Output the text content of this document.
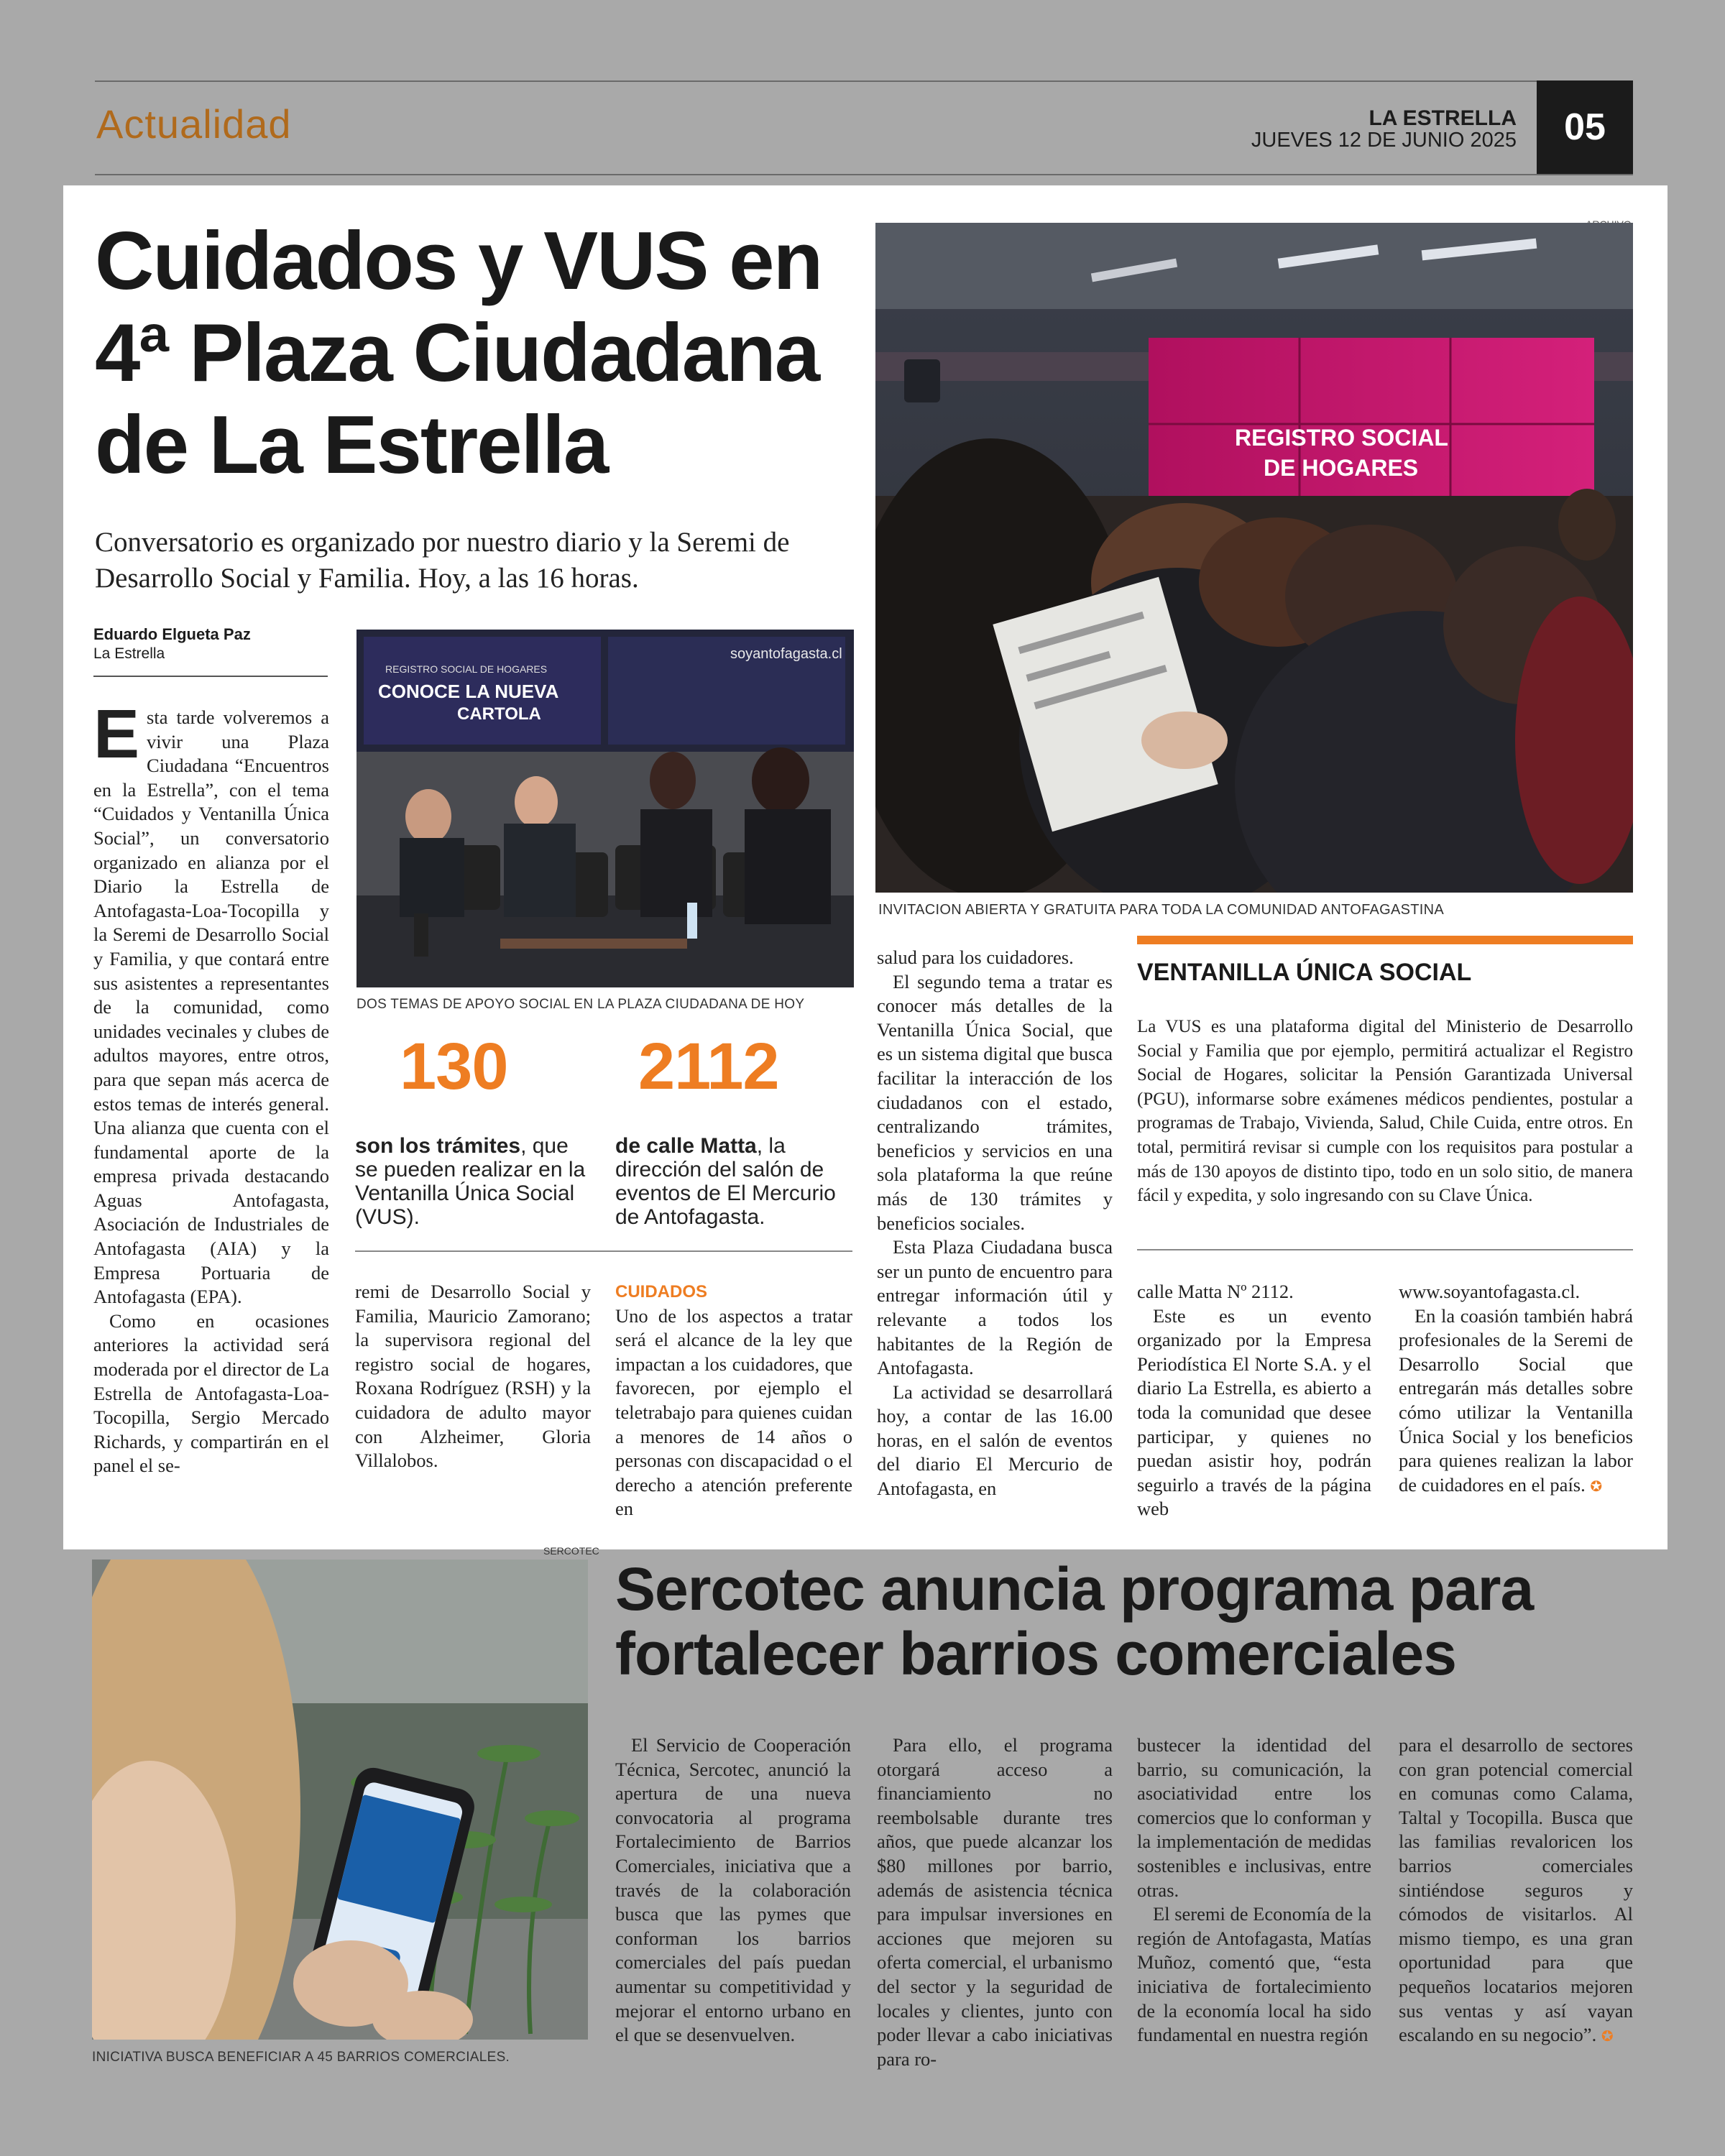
Actualidad	LA ESTRELLA
JUEVES 12 DE JUNIO 2025	05
Cuidados y VUS en
4ª Plaza Ciudadana
de La Estrella

Conversatorio es organizado por nuestro diario y la Seremi de Desarrollo Social y Familia. Hoy, a las 16 horas.

Eduardo Elgueta Paz
La Estrella
REGISTRO SOCIAL
DE HOGARES
INVITACION ABIERTA Y GRATUITA PARA TODA LA COMUNIDAD ANTOFAGASTINA
REGISTRO SOCIAL DE HOGARES
CONOCE LA NUEVA
CARTOLA
soyantofagasta.cl
DOS TEMAS DE APOYO SOCIAL EN LA PLAZA CIUDADANA DE HOY
130 2112
son los trámites, que se pueden realizar en la Ventanilla Única Social (VUS).
de calle Matta, la dirección del salón de eventos de El Mercurio de Antofagasta.

Esta tarde volveremos a vivir una Plaza Ciudadana “Encuentros en la Estrella”, con el tema “Cuidados y Ventanilla Única Social”, un conversatorio organizado en alianza por el Diario la Estrella de Antofagasta-Loa-Tocopilla y la Seremi de Desarrollo Social y Familia, y que contará entre sus asistentes a representantes de la comunidad, como unidades vecinales y clubes de adultos mayores, entre otros, para que sepan más acerca de estos temas de interés general. Una alianza que cuenta con el fundamental aporte de la empresa privada destacando Aguas Antofagasta, Asociación de Industriales de Antofagasta (AIA) y la Empresa Portuaria de Antofagasta (EPA).

Como en ocasiones anteriores la actividad será moderada por el director de La Estrella de Antofagasta-Loa-Tocopilla, Sergio Mercado Richards, y compartirán en el panel el se-

remi de Desarrollo Social y Familia, Mauricio Zamorano; la supervisora regional del registro social de hogares, Roxana Rodríguez (RSH) y la cuidadora de adulto mayor con Alzheimer, Gloria Villalobos.

CUIDADOS

Uno de los aspectos a tratar será el alcance de la ley que impactan a los cuidadores, que favorecen, por ejemplo el teletrabajo para quienes cuidan a menores de 14 años o personas con discapacidad o el derecho a atención preferente en

salud para los cuidadores.

El segundo tema a tratar es conocer más detalles de la Ventanilla Única Social, que es un sistema digital que busca facilitar la interacción de los ciudadanos con el estado, centralizando trámites, beneficios y servicios en una sola plataforma la que reúne más de 130 trámites y beneficios sociales.

Esta Plaza Ciudadana busca ser un punto de encuentro para entregar información útil y relevante a todos los habitantes de la Región de Antofagasta.

La actividad se desarrollará hoy, a contar de las 16.00 horas, en el salón de eventos del diario El Mercurio de Antofagasta, en

VENTANILLA ÚNICA SOCIAL
La VUS es una plataforma digital del Ministerio de Desarrollo Social y Familia que por ejemplo, permitirá actualizar el Registro Social de Hogares, solicitar la Pensión Garantizada Universal (PGU), informarse sobre exámenes médicos pendientes, postular a programas de Trabajo, Vivienda, Salud, Chile Cuida, entre otros. En total, permitirá revisar si cumple con los requisitos para postular a más de 130 apoyos de distinto tipo, todo en un solo sitio, de manera fácil y expedita, y solo ingresando con su Clave Única.

calle Matta Nº 2112.

Este es un evento organizado por la Empresa Periodística El Norte S.A. y el diario La Estrella, es abierto a toda la comunidad que desee participar, y quienes no puedan asistir hoy, podrán seguirlo a través de la página web

www.soyantofagasta.cl.

En la coasión también habrá profesionales de la Seremi de Desarrollo Social que entregarán más detalles sobre cómo utilizar la Ventanilla Única Social y los beneficios para quienes realizan la labor de cuidadores en el país. ✪

SERCOTEC
INICIATIVA BUSCA BENEFICIAR A 45 BARRIOS COMERCIALES.
Sercotec anuncia programa para
fortalecer barrios comerciales

El Servicio de Cooperación Técnica, Sercotec, anunció la apertura de una nueva convocatoria al programa Fortalecimiento de Barrios Comerciales, iniciativa que a través de la colaboración busca que las pymes que conforman los barrios comerciales del país puedan aumentar su competitividad y mejorar el entorno urbano en el que se desenvuelven.

Para ello, el programa otorgará acceso a financiamiento no reembolsable durante tres años, que puede alcanzar los $80 millones por barrio, además de asistencia técnica para impulsar inversiones en acciones que mejoren su oferta comercial, el urbanismo del sector y la seguridad de locales y clientes, junto con poder llevar a cabo iniciativas para ro-

bustecer la identidad del barrio, su comunicación, la asociatividad entre los comercios que lo conforman y la implementación de medidas sostenibles e inclusivas, entre otras.

El seremi de Economía de la región de Antofagasta, Matías Muñoz, comentó que, “esta iniciativa de fortalecimiento de la economía local ha sido fundamental en nuestra región

para el desarrollo de sectores con gran potencial comercial en comunas como Calama, Taltal y Tocopilla. Busca que las familias revaloricen los barrios comerciales sintiéndose seguros y cómodos de visitarlos. Al mismo tiempo, es una gran oportunidad para que pequeños locatarios mejoren sus ventas y así vayan escalando en su negocio”. ✪
